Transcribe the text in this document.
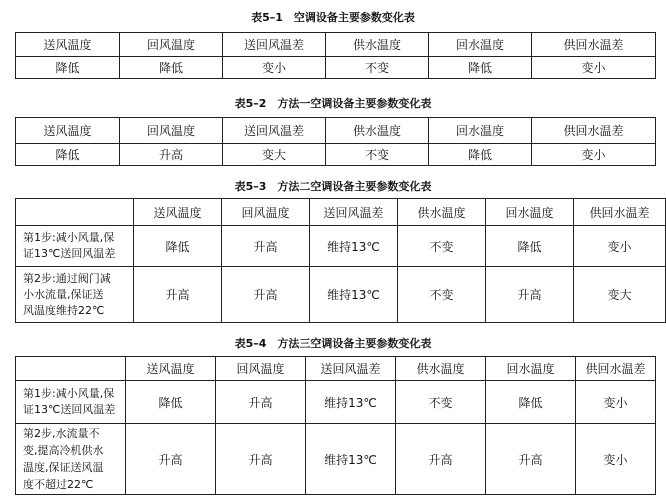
表5–1　空调设备主要参数变化表
送风温度	回风温度	送回风温差	供水温度	回水温度	供回水温差
降低	降低	变小	不变	降低	变小
表5–2　方法一空调设备主要参数变化表
送风温度	回风温度	送回风温差	供水温度	回水温度	供回水温差
降低	升高	变大	不变	降低	变小
表5–3　方法二空调设备主要参数变化表
	送风温度	回风温度	送回风温差	供水温度	回水温度	供回水温差

第1步:减小风量,保
证13℃送回风温差	降低	升高	维持13℃	不变	降低	变小

第2步:通过阀门减
小水流量,保证送
风温度维持22℃	升高	升高	维持13℃	不变	升高	变大
表5–4　方法三空调设备主要参数变化表
	送风温度	回风温度	送回风温差	供水温度	回水温度	供回水温差

第1步:减小风量,保
证13℃送回风温差	降低	升高	维持13℃	不变	降低	变小

第2步,水流量不
变,提高冷机供水
温度,保证送风温
度不超过22℃	升高	升高	维持13℃	升高	升高	变小
